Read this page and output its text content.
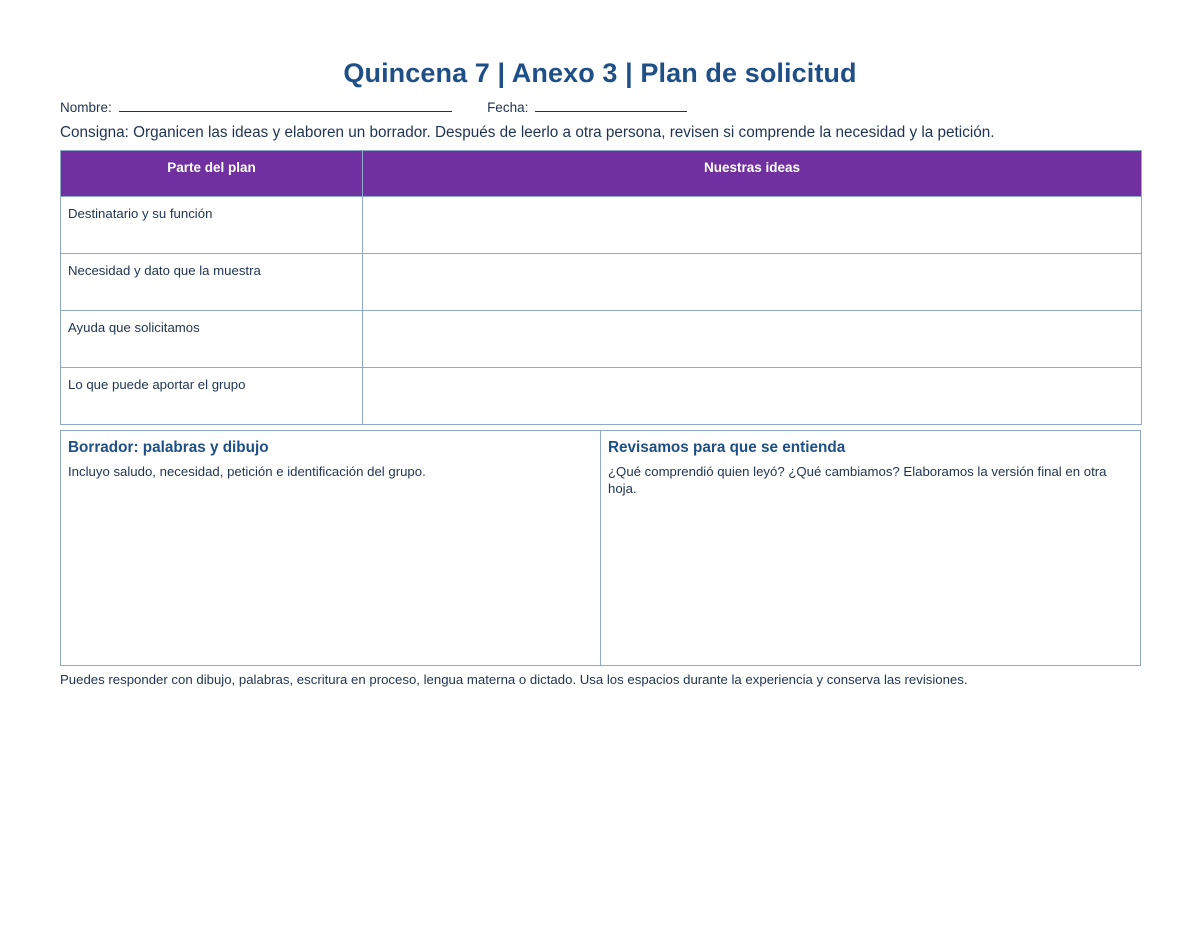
Quincena 7 | Anexo 3 | Plan de solicitud
Nombre:	Fecha:
Consigna: Organicen las ideas y elaboren un borrador. Después de leerlo a otra persona, revisen si comprende la necesidad y la petición.
Parte del plan	Nuestras ideas
Destinatario y su función	
Necesidad y dato que la muestra	
Ayuda que solicitamos	
Lo que puede aportar el grupo	
Borrador: palabras y dibujo

Incluyo saludo, necesidad, petición e identificación del grupo.

Revisamos para que se entienda

¿Qué comprendió quien leyó? ¿Qué cambiamos? Elaboramos la versión final en otra hoja.

Puedes responder con dibujo, palabras, escritura en proceso, lengua materna o dictado. Usa los espacios durante la experiencia y conserva las revisiones.
